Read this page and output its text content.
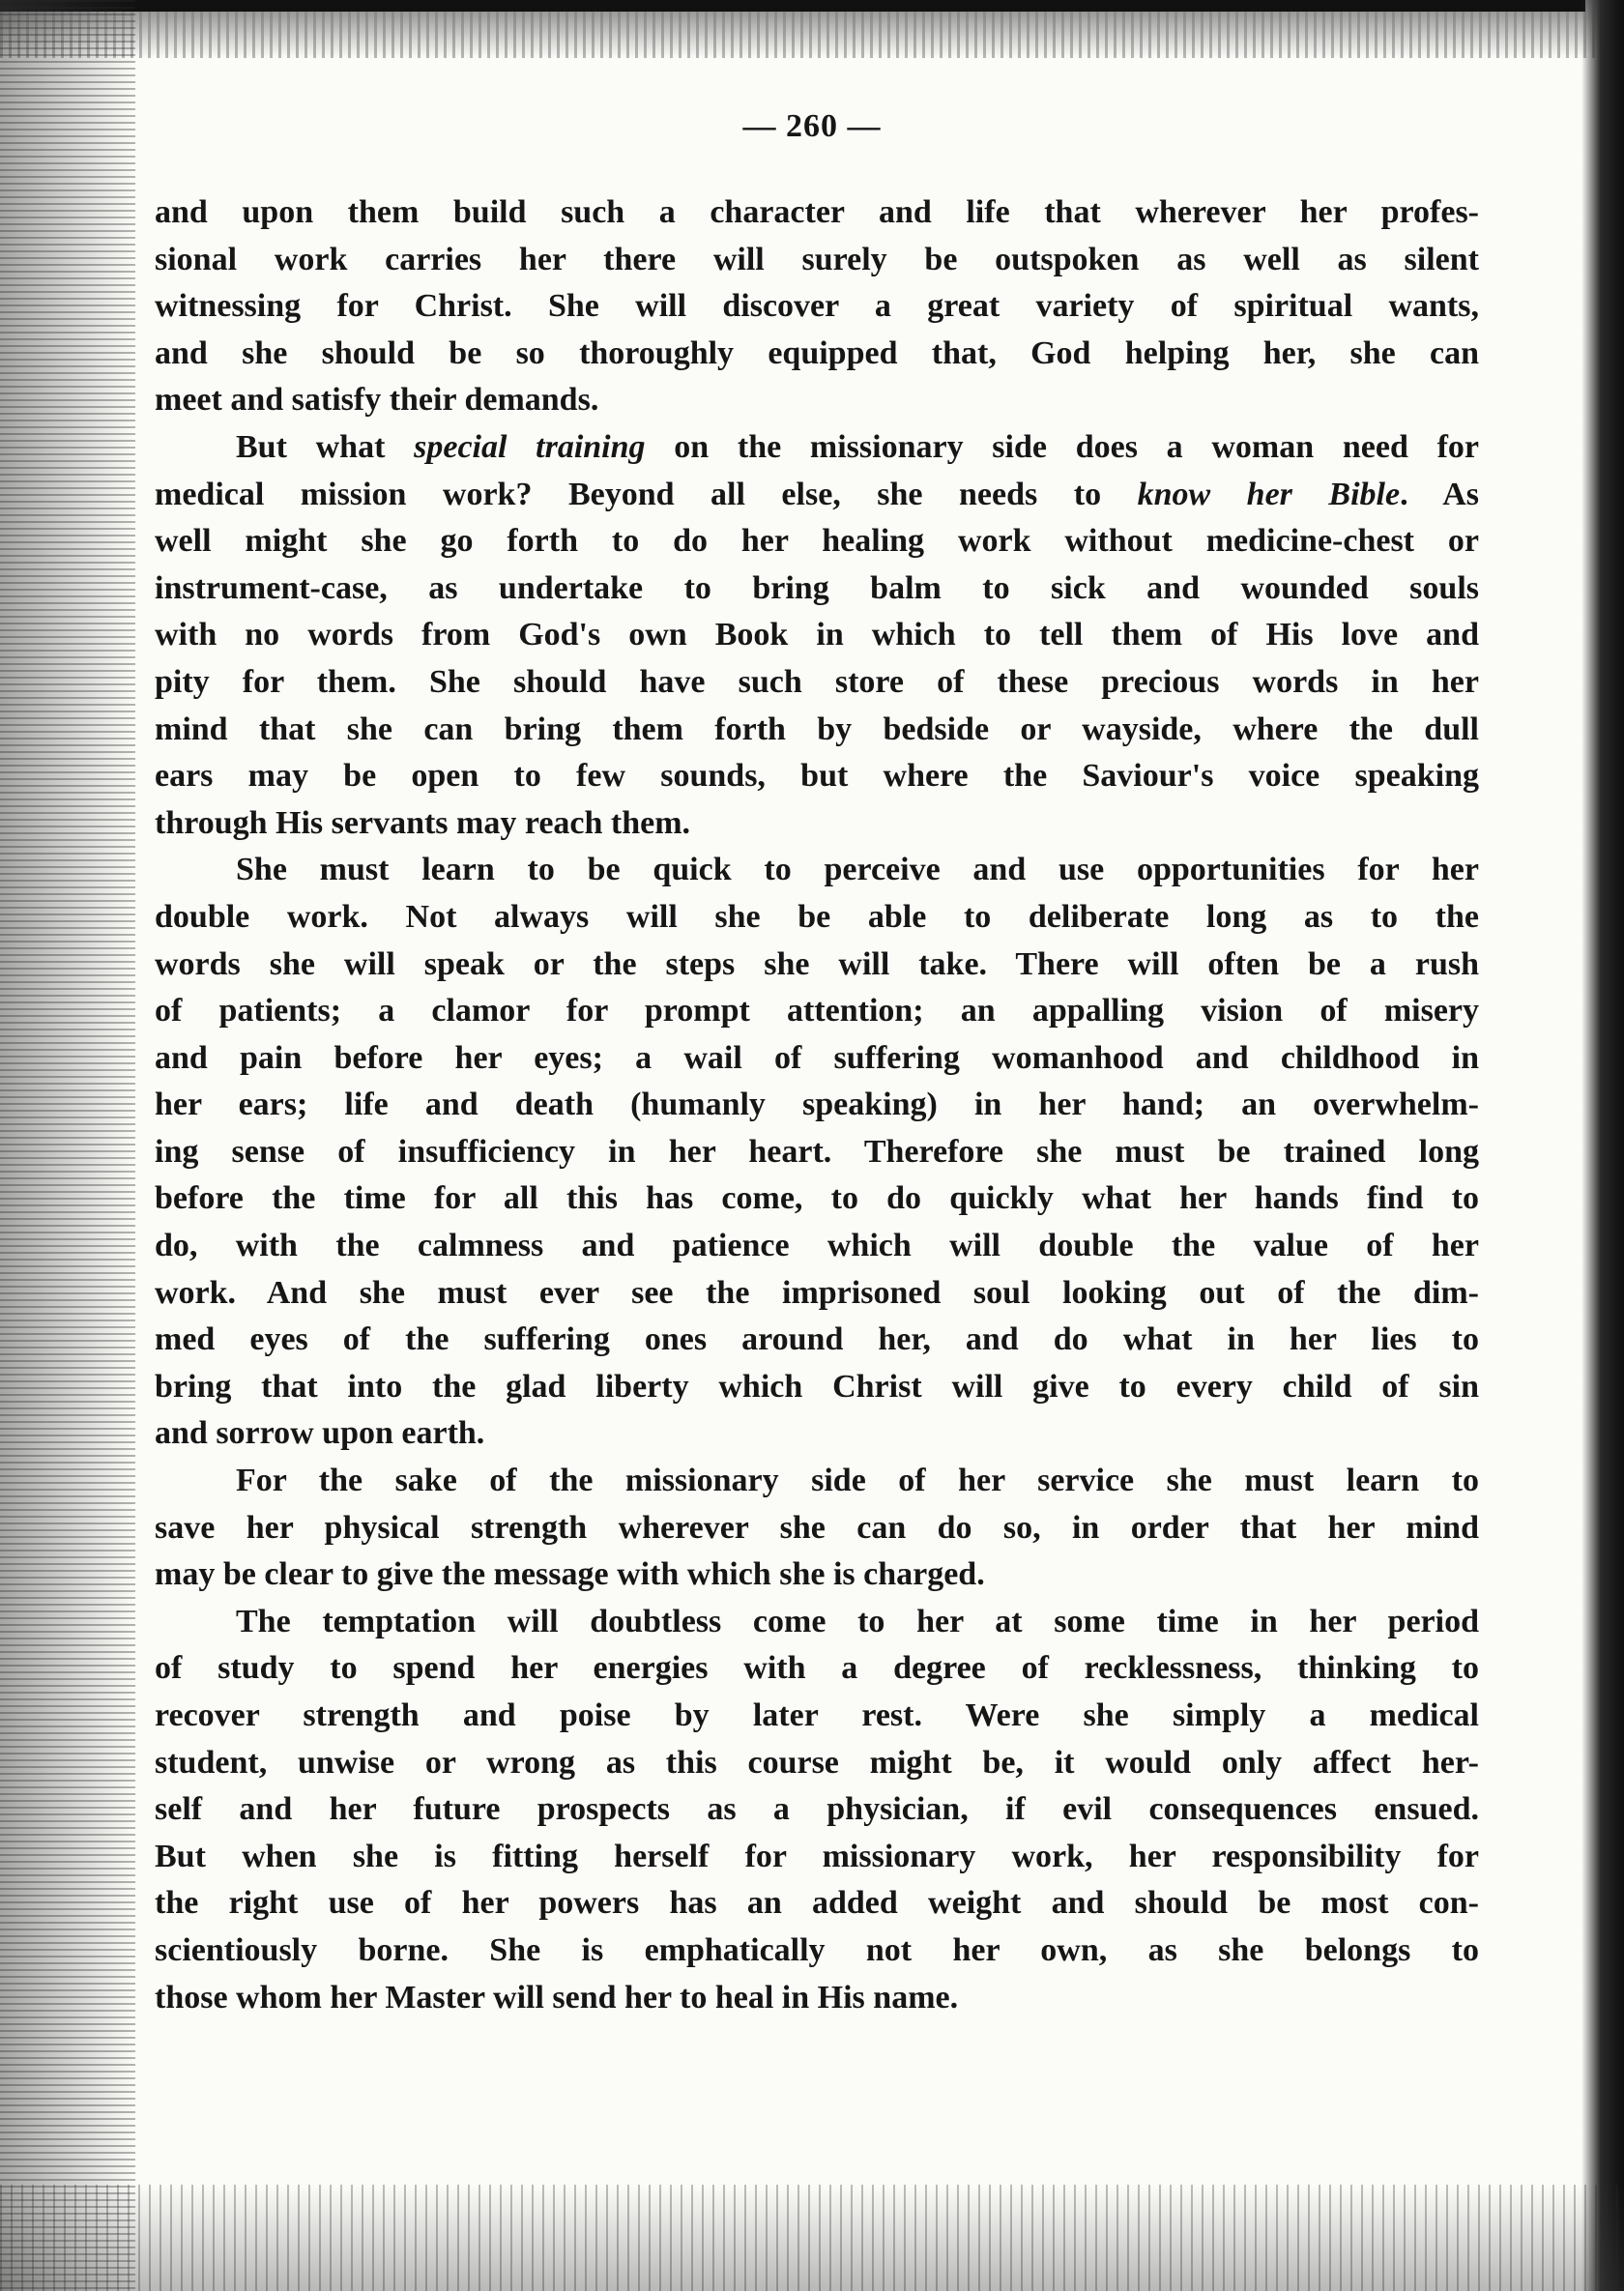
— 260 —
and upon them build such a character and life that wherever her profes-
sional work carries her there will surely be outspoken as well as silent
witnessing for Christ. She will discover a great variety of spiritual wants,
and she should be so thoroughly equipped that, God helping her, she can
meet and satisfy their demands.
But what special training on the missionary side does a woman need for
medical mission work? Beyond all else, she needs to know her Bible. As
well might she go forth to do her healing work without medicine-chest or
instrument-case, as undertake to bring balm to sick and wounded souls
with no words from God's own Book in which to tell them of His love and
pity for them. She should have such store of these precious words in her
mind that she can bring them forth by bedside or wayside, where the dull
ears may be open to few sounds, but where the Saviour's voice speaking
through His servants may reach them.
She must learn to be quick to perceive and use opportunities for her
double work. Not always will she be able to deliberate long as to the
words she will speak or the steps she will take. There will often be a rush
of patients; a clamor for prompt attention; an appalling vision of misery
and pain before her eyes; a wail of suffering womanhood and childhood in
her ears; life and death (humanly speaking) in her hand; an overwhelm-
ing sense of insufficiency in her heart. Therefore she must be trained long
before the time for all this has come, to do quickly what her hands find to
do, with the calmness and patience which will double the value of her
work. And she must ever see the imprisoned soul looking out of the dim-
med eyes of the suffering ones around her, and do what in her lies to
bring that into the glad liberty which Christ will give to every child of sin
and sorrow upon earth.
For the sake of the missionary side of her service she must learn to
save her physical strength wherever she can do so, in order that her mind
may be clear to give the message with which she is charged.
The temptation will doubtless come to her at some time in her period
of study to spend her energies with a degree of recklessness, thinking to
recover strength and poise by later rest. Were she simply a medical
student, unwise or wrong as this course might be, it would only affect her-
self and her future prospects as a physician, if evil consequences ensued.
But when she is fitting herself for missionary work, her responsibility for
the right use of her powers has an added weight and should be most con-
scientiously borne. She is emphatically not her own, as she belongs to
those whom her Master will send her to heal in His name.
